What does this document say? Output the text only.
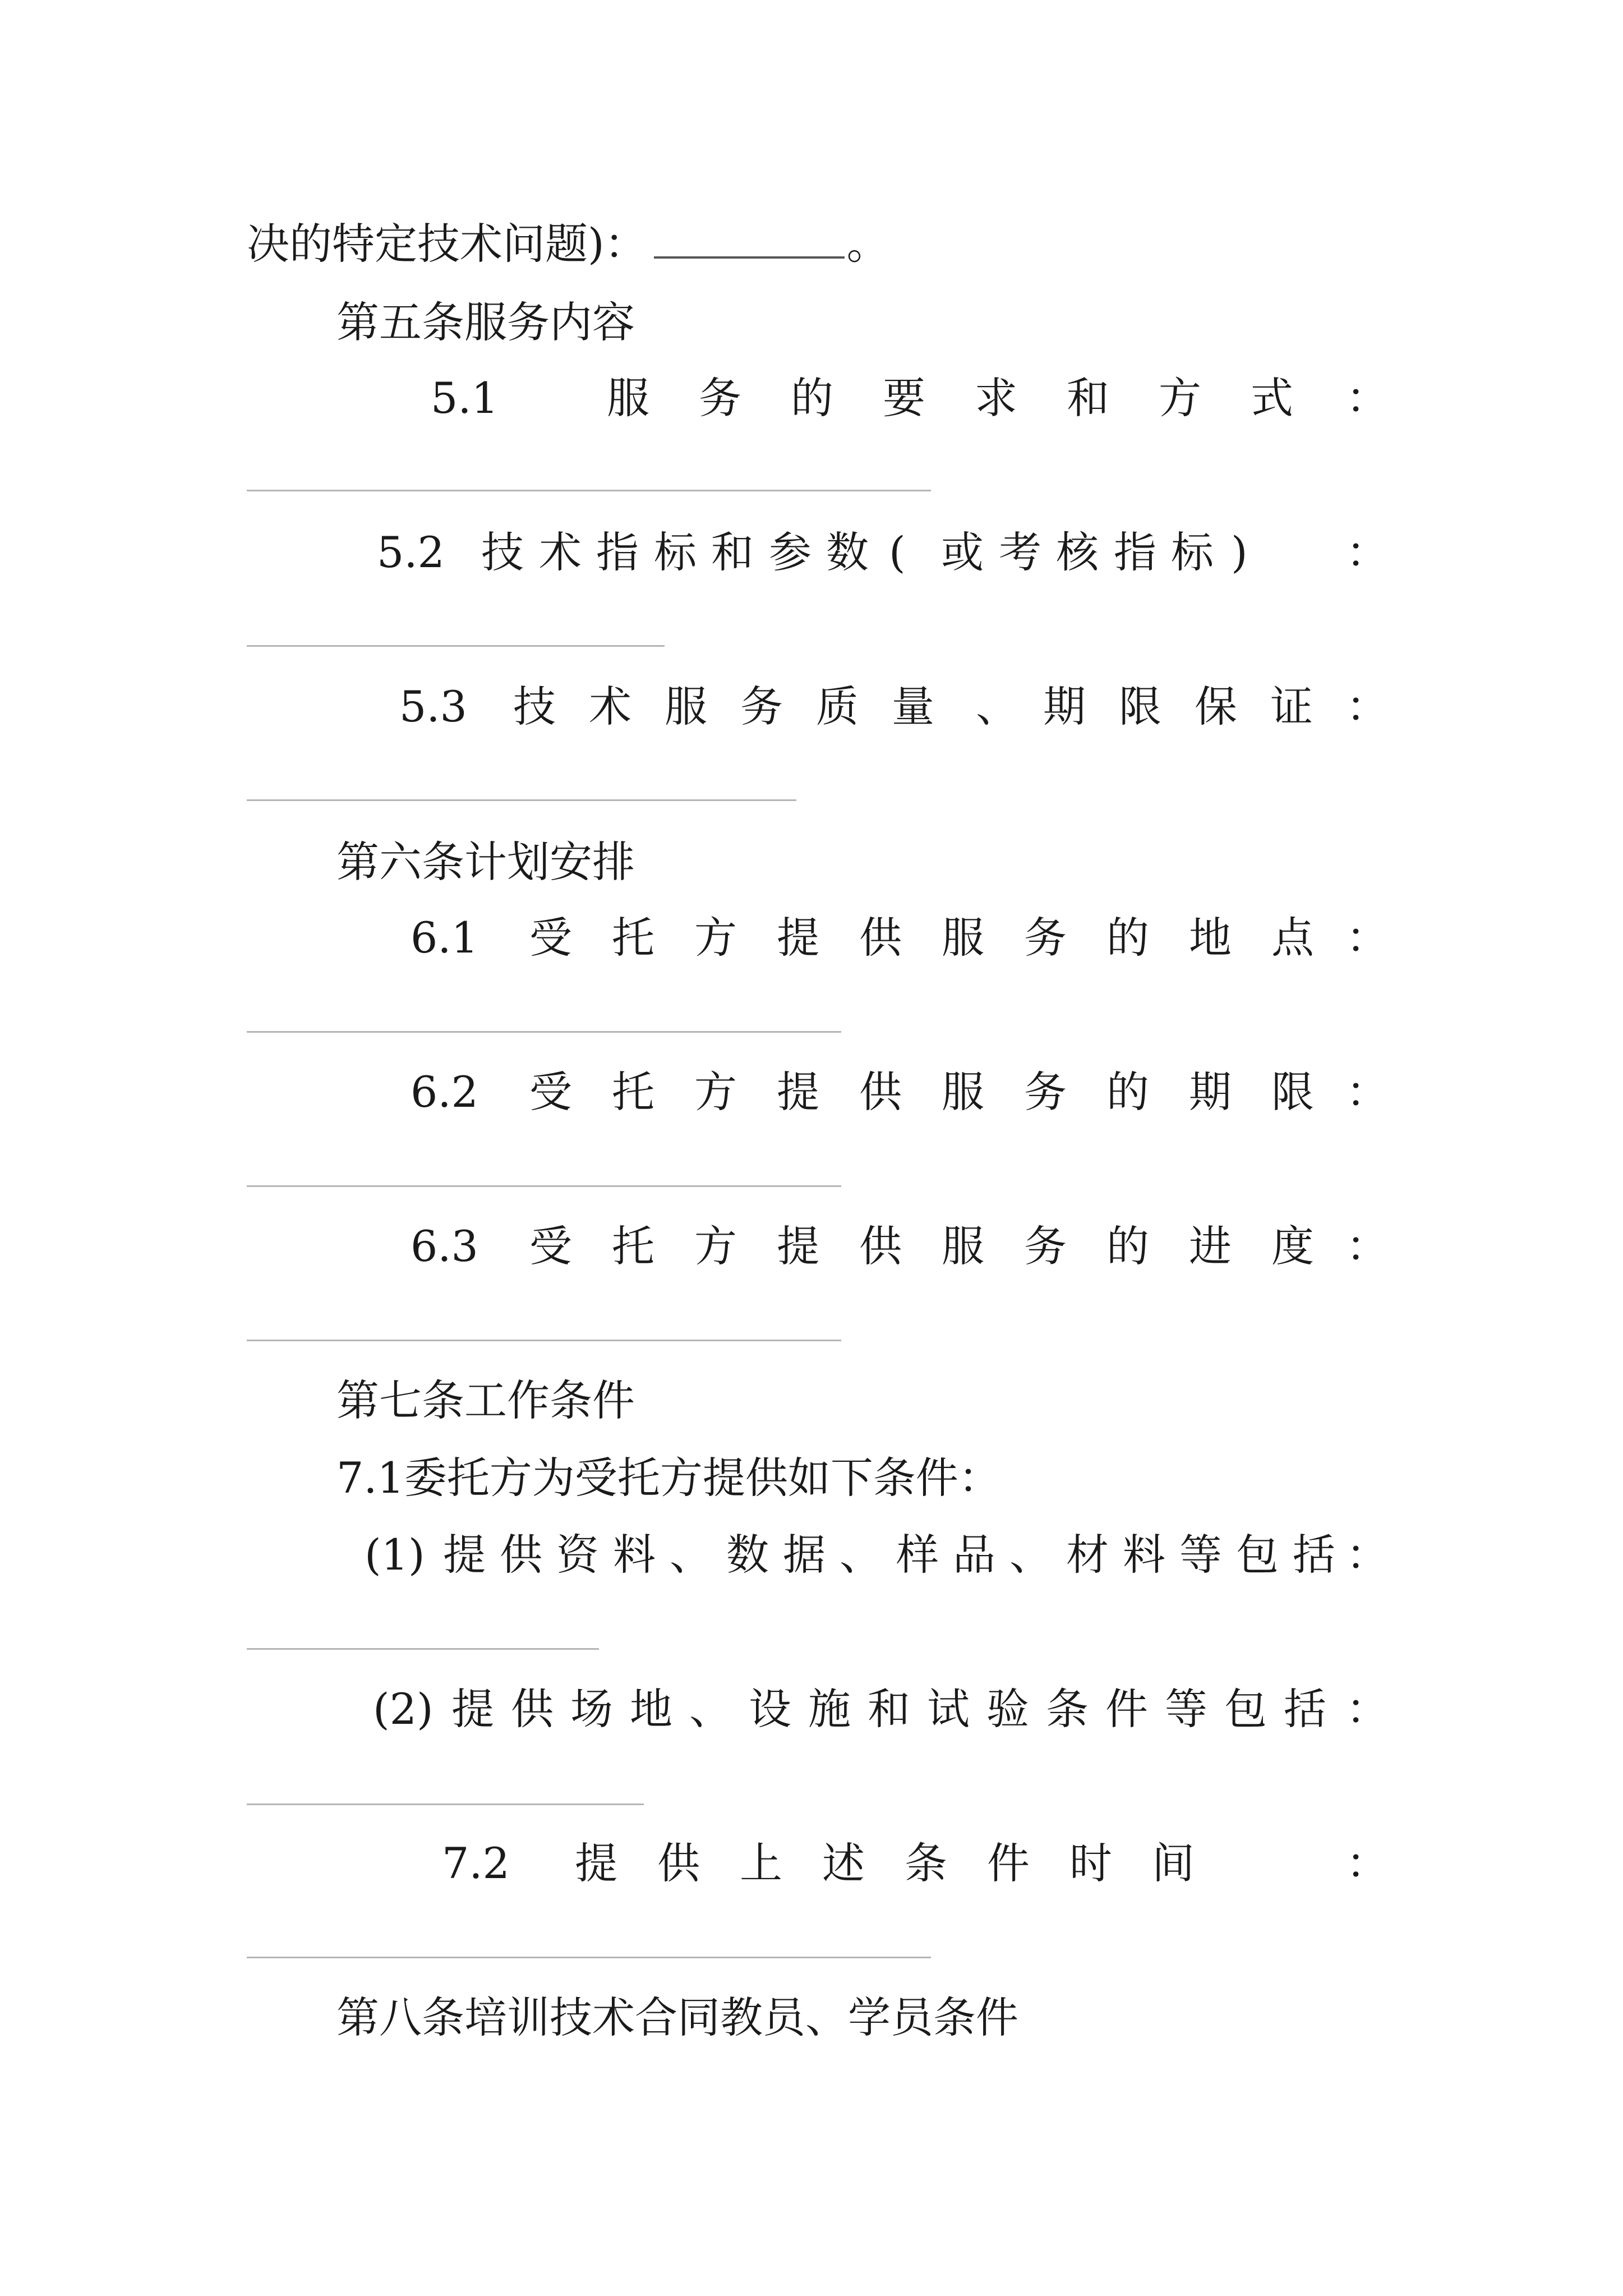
决的特定技术问题)：	。
第五条服务内容
5.1	服 务 的 要 求 和 方 式 ：
5.2 技 术 指 标 和 参 数 ( 或 考 核 指 标 ) ：
5.3 技 术 服 务 质 量 、 期 限 保 证 ：
第六条计划安排
6.1 受 托 方 提 供 服 务 的 地 点 ：
6.2 受 托 方 提 供 服 务 的 期 限 ：
6.3 受 托 方 提 供 服 务 的 进 度 ：
第七条工作条件
7.1委托方为受托方提供如下条件：
(1) 提 供 资 料 、 数 据 、 样 品 、 材 料 等 包 括 ：
(2) 提 供 场 地 、 设 施 和 试 验 条 件 等 包 括 ：
7.2 提 供 上 述 条 件 时 间	：
第八条培训技术合同教员、学员条件
